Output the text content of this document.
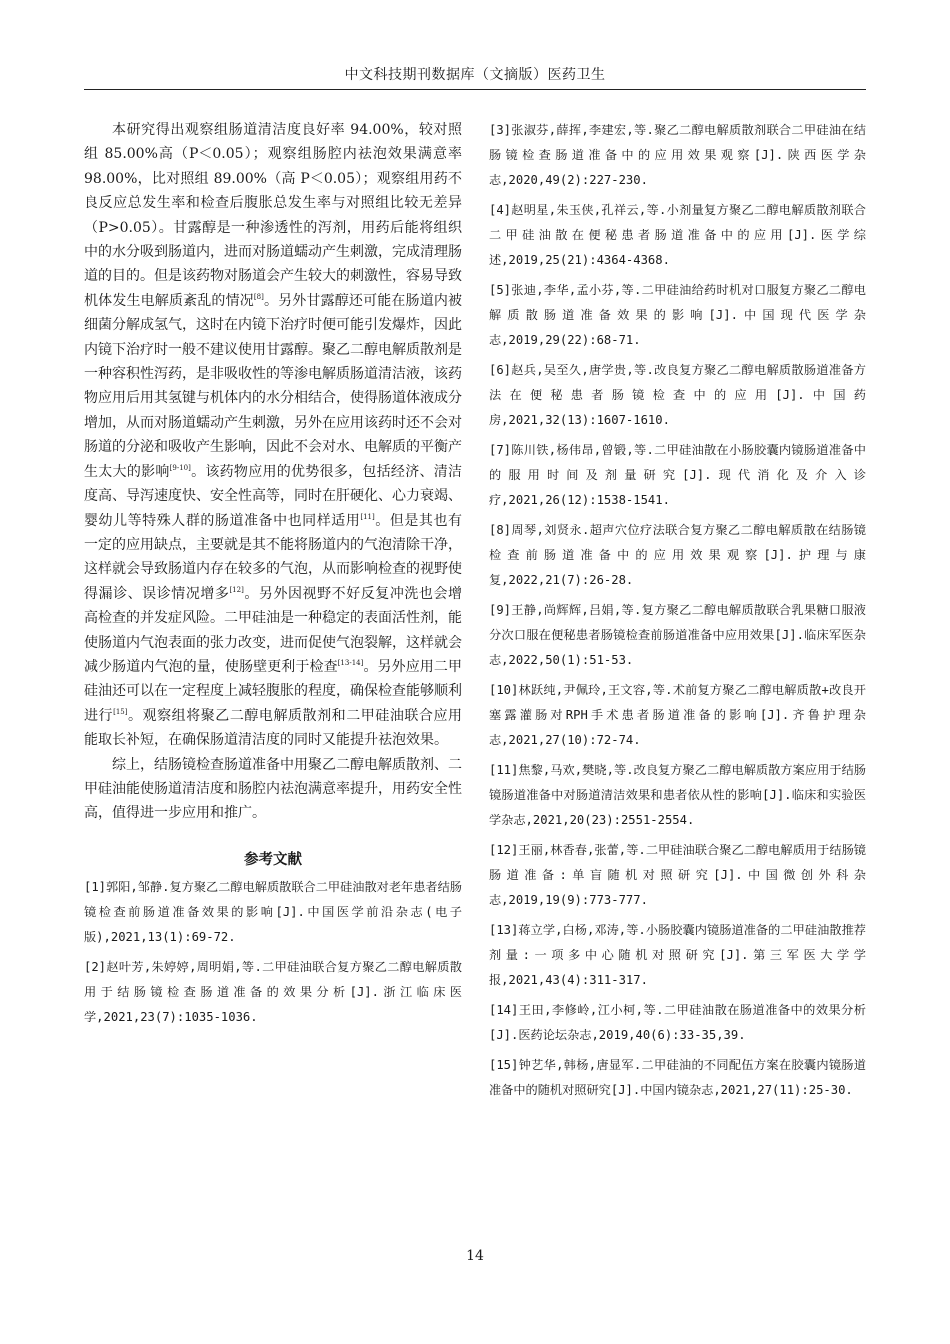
中文科技期刊数据库（文摘版）医药卫生

本研究得出观察组肠道清洁度良好率 94.00%，较对照组 85.00%高（P＜0.05）；观察组肠腔内祛泡效果满意率 98.00%，比对照组 89.00%（高 P＜0.05）；观察组用药不良反应总发生率和检查后腹胀总发生率与对照组比较无差异（P>0.05）。甘露醇是一种渗透性的泻剂，用药后能将组织中的水分吸到肠道内，进而对肠道蠕动产生刺激，完成清理肠道的目的。但是该药物对肠道会产生较大的刺激性，容易导致机体发生电解质紊乱的情况[8]。另外甘露醇还可能在肠道内被细菌分解成氢气，这时在内镜下治疗时便可能引发爆炸，因此内镜下治疗时一般不建议使用甘露醇。聚乙二醇电解质散剂是一种容积性泻药，是非吸收性的等渗电解质肠道清洁液，该药物应用后用其氢键与机体内的水分相结合，使得肠道体液成分增加，从而对肠道蠕动产生刺激，另外在应用该药时还不会对肠道的分泌和吸收产生影响，因此不会对水、电解质的平衡产生太大的影响[9-10]。该药物应用的优势很多，包括经济、清洁度高、导泻速度快、安全性高等，同时在肝硬化、心力衰竭、婴幼儿等特殊人群的肠道准备中也同样适用[11]。但是其也有一定的应用缺点，主要就是其不能将肠道内的气泡清除干净，这样就会导致肠道内存在较多的气泡，从而影响检查的视野使得漏诊、误诊情况增多[12]。另外因视野不好反复冲洗也会增高检查的并发症风险。二甲硅油是一种稳定的表面活性剂，能使肠道内气泡表面的张力改变，进而促使气泡裂解，这样就会减少肠道内气泡的量，使肠壁更利于检查[13-14]。另外应用二甲硅油还可以在一定程度上减轻腹胀的程度，确保检查能够顺利进行[15]。观察组将聚乙二醇电解质散剂和二甲硅油联合应用能取长补短，在确保肠道清洁度的同时又能提升祛泡效果。

综上，结肠镜检查肠道准备中用聚乙二醇电解质散剂、二甲硅油能使肠道清洁度和肠腔内祛泡满意率提升，用药安全性高，值得进一步应用和推广。

参考文献

[1]郭阳,邹静.复方聚乙二醇电解质散联合二甲硅油散对老年患者结肠镜检查前肠道准备效果的影响[J].中国医学前沿杂志(电子版),2021,13(1):69-72.

[2]赵叶芳,朱婷婷,周明娟,等.二甲硅油联合复方聚乙二醇电解质散用于结肠镜检查肠道准备的效果分析[J].浙江临床医学,2021,23(7):1035-1036.

[3]张淑芬,薛挥,李建宏,等.聚乙二醇电解质散剂联合二甲硅油在结肠镜检查肠道准备中的应用效果观察[J].陕西医学杂志,2020,49(2):227-230.

[4]赵明星,朱玉侠,孔祥云,等.小剂量复方聚乙二醇电解质散剂联合二甲硅油散在便秘患者肠道准备中的应用[J].医学综述,2019,25(21):4364-4368.

[5]张迪,李华,孟小芬,等.二甲硅油给药时机对口服复方聚乙二醇电解质散肠道准备效果的影响[J].中国现代医学杂志,2019,29(22):68-71.

[6]赵兵,吴至久,唐学贵,等.改良复方聚乙二醇电解质散肠道准备方法在便秘患者肠镜检查中的应用[J].中国药房,2021,32(13):1607-1610.

[7]陈川铁,杨伟昂,曾锻,等.二甲硅油散在小肠胶囊内镜肠道准备中的服用时间及剂量研究[J].现代消化及介入诊疗,2021,26(12):1538-1541.

[8]周琴,刘贤永.超声穴位疗法联合复方聚乙二醇电解质散在结肠镜检查前肠道准备中的应用效果观察[J].护理与康复,2022,21(7):26-28.

[9]王静,尚辉辉,吕娟,等.复方聚乙二醇电解质散联合乳果糖口服液分次口服在便秘患者肠镜检查前肠道准备中应用效果[J].临床军医杂志,2022,50(1):51-53.

[10]林跃纯,尹佩玲,王文容,等.术前复方聚乙二醇电解质散+改良开塞露灌肠对RPH手术患者肠道准备的影响[J].齐鲁护理杂志,2021,27(10):72-74.

[11]焦黎,马欢,樊晓,等.改良复方聚乙二醇电解质散方案应用于结肠镜肠道准备中对肠道清洁效果和患者依从性的影响[J].临床和实验医学杂志,2021,20(23):2551-2554.

[12]王丽,林香春,张蕾,等.二甲硅油联合聚乙二醇电解质用于结肠镜肠道准备:单盲随机对照研究[J].中国微创外科杂志,2019,19(9):773-777.

[13]蒋立学,白杨,邓涛,等.小肠胶囊内镜肠道准备的二甲硅油散推荐剂量:一项多中心随机对照研究[J].第三军医大学学报,2021,43(4):311-317.

[14]王田,李修岭,江小柯,等.二甲硅油散在肠道准备中的效果分析[J].医药论坛杂志,2019,40(6):33-35,39.

[15]钟艺华,韩杨,唐显军.二甲硅油的不同配伍方案在胶囊内镜肠道准备中的随机对照研究[J].中国内镜杂志,2021,27(11):25-30.

14
